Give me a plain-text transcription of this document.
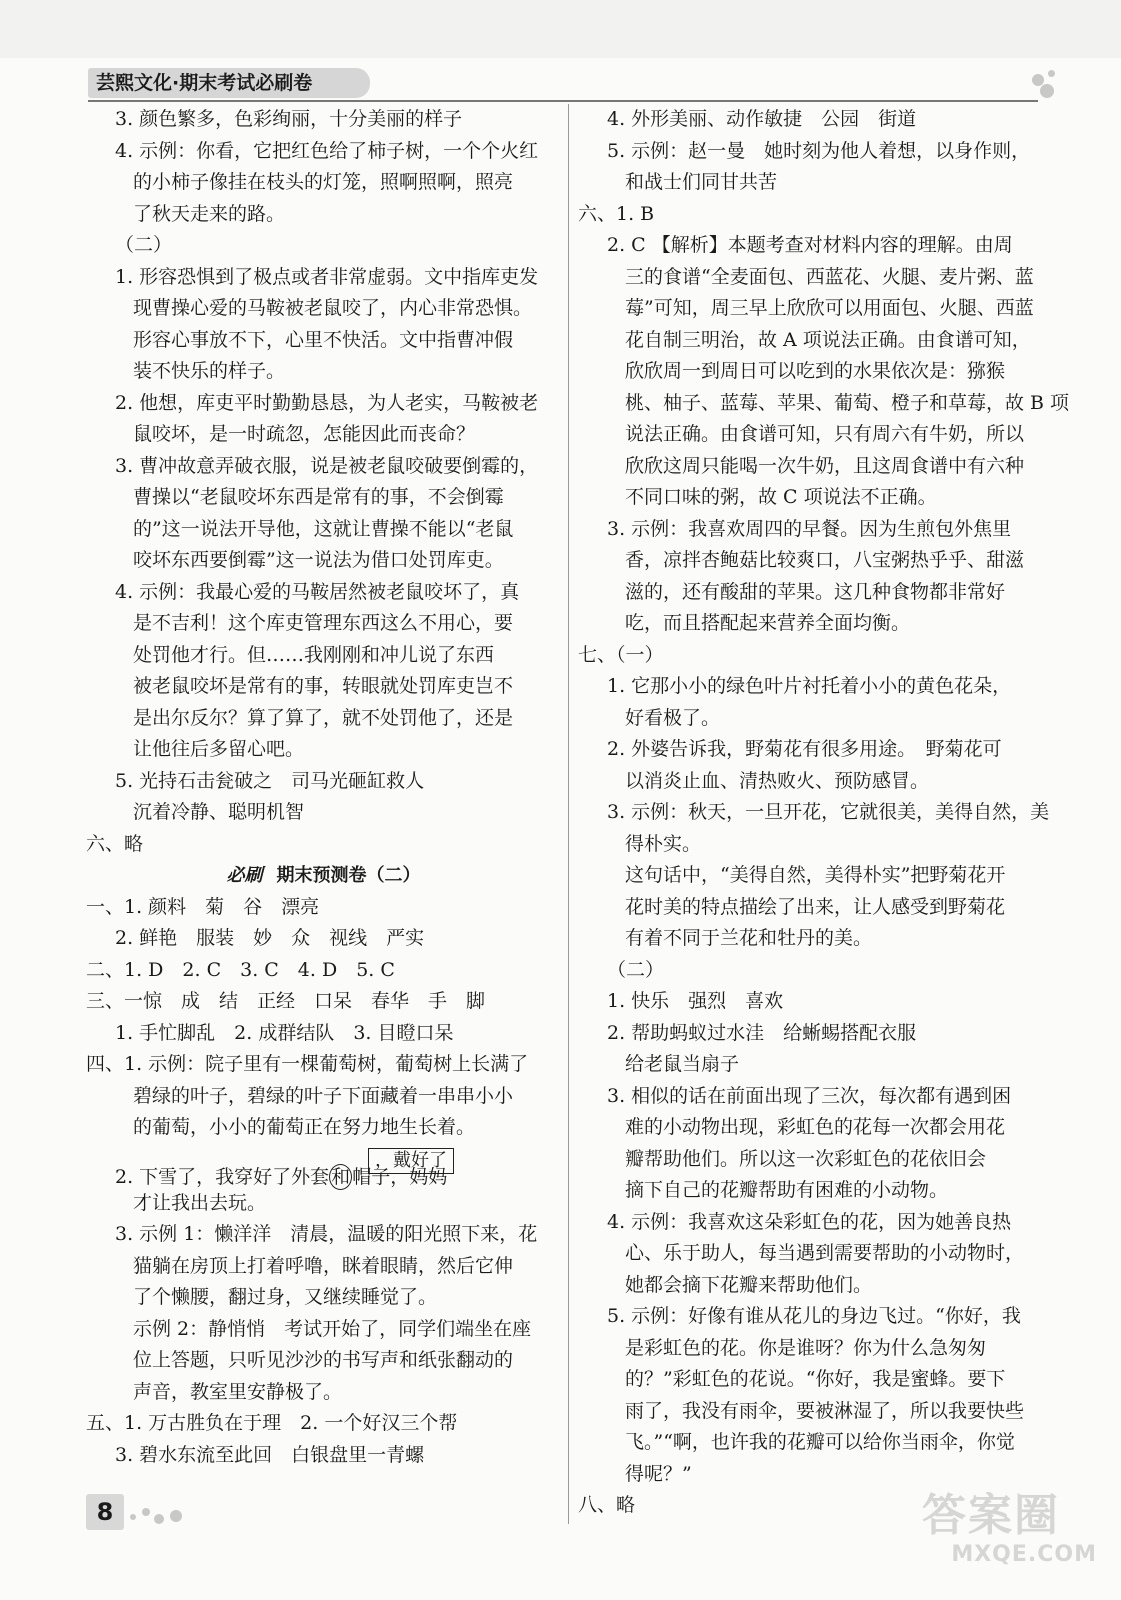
芸熙文化·期末考试必刷卷
3. 颜色繁多，色彩绚丽，十分美丽的样子
4. 示例：你看，它把红色给了柿子树，一个个火红
的小柿子像挂在枝头的灯笼，照啊照啊，照亮
了秋天走来的路。
（二）
1. 形容恐惧到了极点或者非常虚弱。文中指库吏发
现曹操心爱的马鞍被老鼠咬了，内心非常恐惧。
形容心事放不下，心里不快活。文中指曹冲假
装不快乐的样子。
2. 他想，库吏平时勤勤恳恳，为人老实，马鞍被老
鼠咬坏，是一时疏忽，怎能因此而丧命？
3. 曹冲故意弄破衣服，说是被老鼠咬破要倒霉的，
曹操以“老鼠咬坏东西是常有的事，不会倒霉
的”这一说法开导他，这就让曹操不能以“老鼠
咬坏东西要倒霉”这一说法为借口处罚库吏。
4. 示例：我最心爱的马鞍居然被老鼠咬坏了，真
是不吉利！这个库吏管理东西这么不用心，要
处罚他才行。但……我刚刚和冲儿说了东西
被老鼠咬坏是常有的事，转眼就处罚库吏岂不
是出尔反尔？算了算了，就不处罚他了，还是
让他往后多留心吧。
5. 光持石击瓮破之　司马光砸缸救人
沉着冷静、聪明机智
六、略
必刷 期末预测卷（二）
一、1. 颜料　菊　谷　漂亮
2. 鲜艳　服装　妙　众　视线　严实
二、1. D　2. C　3. C　4. D　5. C
三、一惊　成　结　正经　口呆　春华　手　脚
1. 手忙脚乱　2. 成群结队　3. 目瞪口呆
四、1. 示例：院子里有一棵葡萄树，葡萄树上长满了
碧绿的叶子，碧绿的叶子下面藏着一串串小小
的葡萄，小小的葡萄正在努力地生长着。
，戴好了
2. 下雪了，我穿好了外套 和 帽子，妈妈
才让我出去玩。
3. 示例 1：懒洋洋　清晨，温暖的阳光照下来，花
猫躺在房顶上打着呼噜，眯着眼睛，然后它伸
了个懒腰，翻过身，又继续睡觉了。
示例 2：静悄悄　考试开始了，同学们端坐在座
位上答题，只听见沙沙的书写声和纸张翻动的
声音，教室里安静极了。
五、1. 万古胜负在于理　2. 一个好汉三个帮
3. 碧水东流至此回　白银盘里一青螺
4. 外形美丽、动作敏捷　公园　街道
5. 示例：赵一曼　她时刻为他人着想，以身作则，
和战士们同甘共苦
六、1. B
2. C 【解析】本题考查对材料内容的理解。由周
三的食谱“全麦面包、西蓝花、火腿、麦片粥、蓝
莓”可知，周三早上欣欣可以用面包、火腿、西蓝
花自制三明治，故 A 项说法正确。由食谱可知，
欣欣周一到周日可以吃到的水果依次是：猕猴
桃、柚子、蓝莓、苹果、葡萄、橙子和草莓，故 B 项
说法正确。由食谱可知，只有周六有牛奶，所以
欣欣这周只能喝一次牛奶，且这周食谱中有六种
不同口味的粥，故 C 项说法不正确。
3. 示例：我喜欢周四的早餐。因为生煎包外焦里
香，凉拌杏鲍菇比较爽口，八宝粥热乎乎、甜滋
滋的，还有酸甜的苹果。这几种食物都非常好
吃，而且搭配起来营养全面均衡。
七、（一）
1. 它那小小的绿色叶片衬托着小小的黄色花朵，
好看极了。
2. 外婆告诉我，野菊花有很多用途。　野菊花可
以消炎止血、清热败火、预防感冒。
3. 示例：秋天，一旦开花，它就很美，美得自然，美
得朴实。
这句话中，“美得自然，美得朴实”把野菊花开
花时美的特点描绘了出来，让人感受到野菊花
有着不同于兰花和牡丹的美。
（二）
1. 快乐　强烈　喜欢
2. 帮助蚂蚁过水洼　给蜥蜴搭配衣服
给老鼠当扇子
3. 相似的话在前面出现了三次，每次都有遇到困
难的小动物出现，彩虹色的花每一次都会用花
瓣帮助他们。所以这一次彩虹色的花依旧会
摘下自己的花瓣帮助有困难的小动物。
4. 示例：我喜欢这朵彩虹色的花，因为她善良热
心、乐于助人，每当遇到需要帮助的小动物时，
她都会摘下花瓣来帮助他们。
5. 示例：好像有谁从花儿的身边飞过。“你好，我
是彩虹色的花。你是谁呀？你为什么急匆匆
的？”彩虹色的花说。“你好，我是蜜蜂。要下
雨了，我没有雨伞，要被淋湿了，所以我要快些
飞。”“啊，也许我的花瓣可以给你当雨伞，你觉
得呢？”
八、略
8	答案圈
MXQE.COM
